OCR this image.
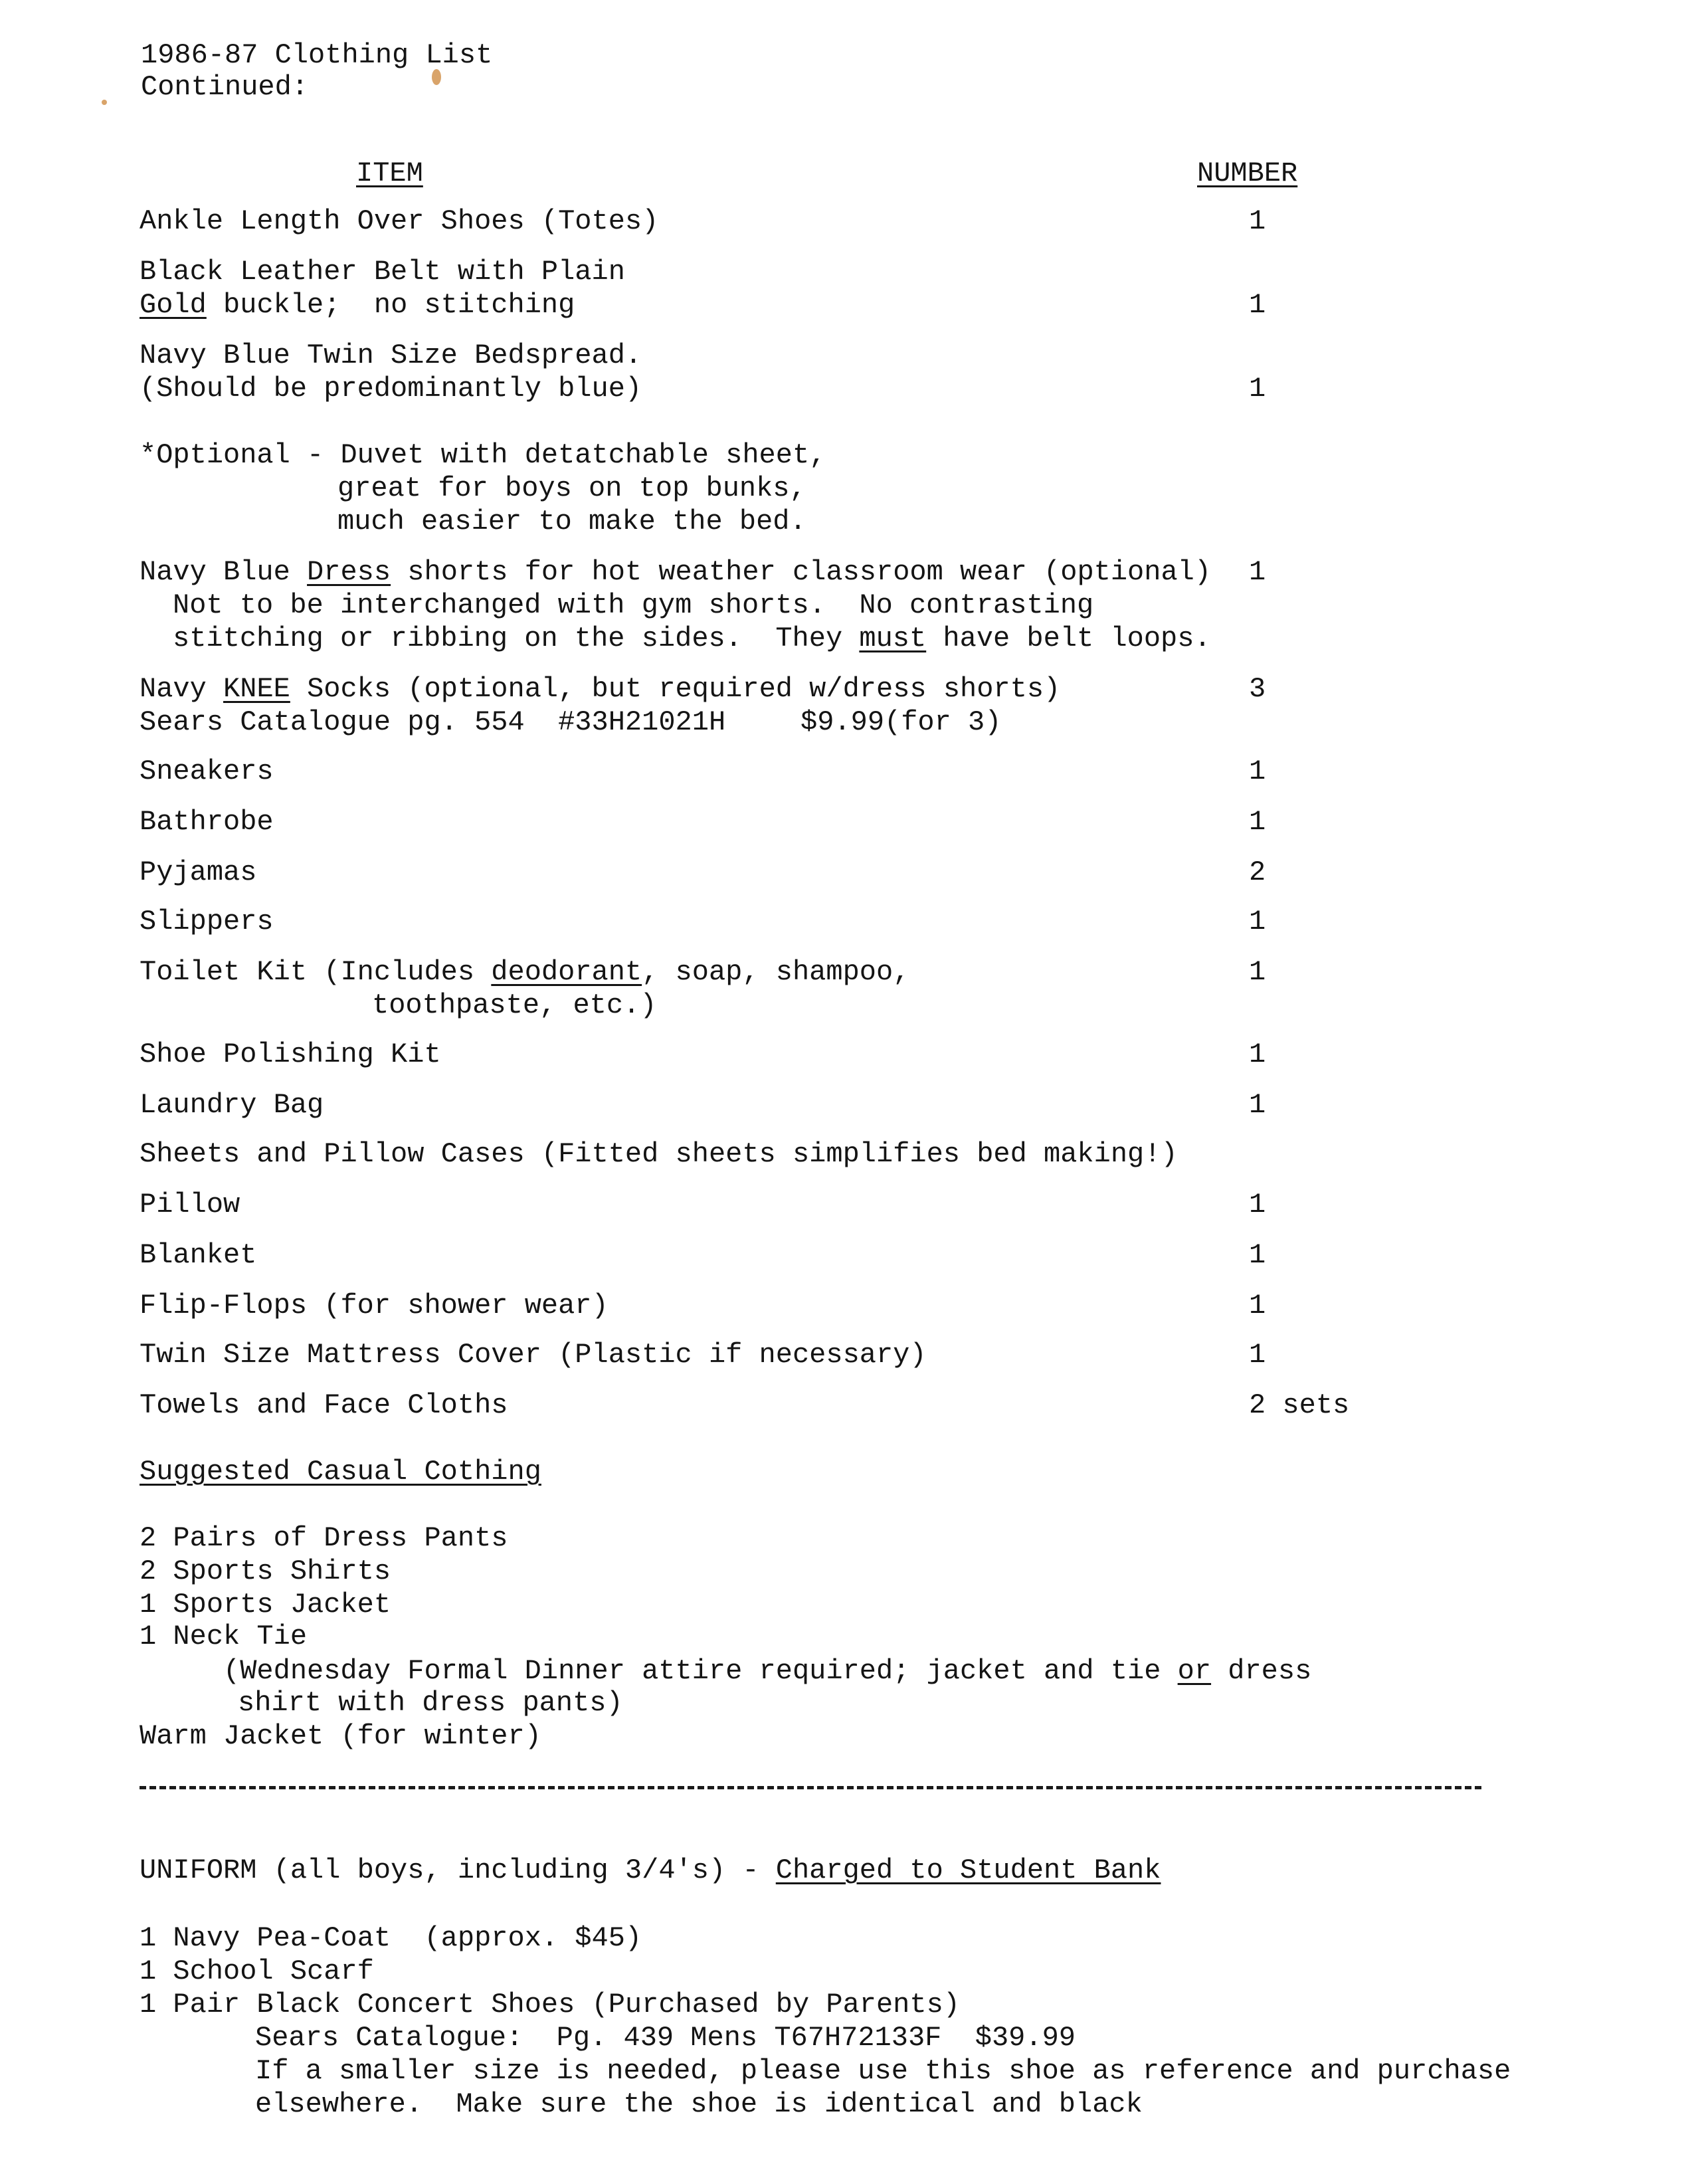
1986-87 Clothing List
Continued:
ITEM	NUMBER
Ankle Length Over Shoes (Totes)	1
Black Leather Belt with Plain
Gold buckle;  no stitching	1
Navy Blue Twin Size Bedspread.
(Should be predominantly blue)	1
*Optional - Duvet with detatchable sheet,
great for boys on top bunks,
much easier to make the bed.
Navy Blue Dress shorts for hot weather classroom wear (optional) 1
Not to be interchanged with gym shorts.  No contrasting
stitching or ribbing on the sides.  They must have belt loops.
Navy KNEE Socks (optional, but required w/dress shorts)	3
Sears Catalogue pg. 554  #33H21021H	$9.99(for 3)
Sneakers	1
Bathrobe	1
Pyjamas	2
Slippers	1
Toilet Kit (Includes deodorant, soap, shampoo,	1
toothpaste, etc.)
Shoe Polishing Kit	1
Laundry Bag	1
Sheets and Pillow Cases (Fitted sheets simplifies bed making!)
Pillow	1
Blanket	1
Flip-Flops (for shower wear)	1
Twin Size Mattress Cover (Plastic if necessary)	1
Towels and Face Cloths	2 sets
Suggested Casual Cothing
2 Pairs of Dress Pants
2 Sports Shirts
1 Sports Jacket
1 Neck Tie
(Wednesday Formal Dinner attire required; jacket and tie or dress
shirt with dress pants)
Warm Jacket (for winter)
UNIFORM (all boys, including 3/4's) - Charged to Student Bank
1 Navy Pea-Coat  (approx. $45)
1 School Scarf
1 Pair Black Concert Shoes (Purchased by Parents)
Sears Catalogue:  Pg. 439 Mens T67H72133F  $39.99
If a smaller size is needed, please use this shoe as reference and purchase
elsewhere.  Make sure the shoe is identical and black
